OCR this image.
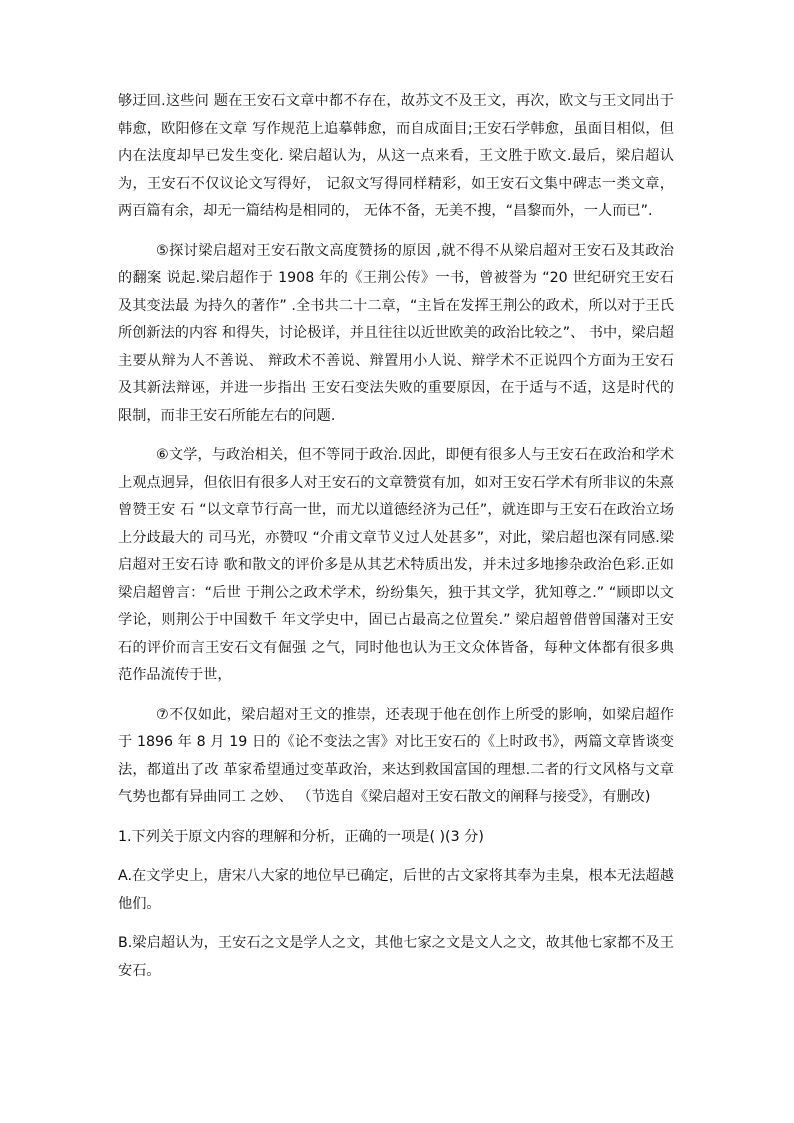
够迂回.这些问 题在王安石文章中都不存在，故苏文不及王文，再次，欧文与王文同出于韩愈，欧阳修在文章 写作规范上追摹韩愈，而自成面目;王安石学韩愈，虽面目相似，但内在法度却早已发生变化. 梁启超认为，从这一点来看，王文胜于欧文.最后，梁启超认为，王安石不仅议论文写得好， 记叙文写得同样精彩，如王安石文集中碑志一类文章，两百篇有余，却无一篇结构是相同的， 无体不备，无美不搜，“昌黎而外，一人而已”.

⑤探讨梁启超对王安石散文高度赞扬的原因 ,就不得不从梁启超对王安石及其政治的翻案 说起.梁启超作于 1908 年的《王荆公传》一书，曾被誉为 “20 世纪研究王安石及其变法最 为持久的著作” .全书共二十二章，“主旨在发挥王荆公的政术，所以对于王氏所创新法的内容 和得失，讨论极详，并且往往以近世欧美的政治比较之”、 书中，梁启超主要从辩为人不善说、 辩政术不善说、辩置用小人说、辩学术不正说四个方面为王安石及其新法辩诬，并进一步指出 王安石变法失败的重要原因，在于适与不适，这是时代的限制，而非王安石所能左右的问题.

⑥文学，与政治相关，但不等同于政治.因此，即便有很多人与王安石在政治和学术上观点迥异，但依旧有很多人对王安石的文章赞赏有加，如对王安石学术有所非议的朱熹曾赞王安 石 “以文章节行高一世，而尤以道德经济为己任”，就连即与王安石在政治立场上分歧最大的 司马光，亦赞叹 “介甫文章节义过人处甚多”，对此，梁启超也深有同感.梁启超对王安石诗 歌和散文的评价多是从其艺术特质出发，并未过多地掺杂政治色彩.正如梁启超曾言：“后世 于荆公之政术学术，纷纷集矢，独于其文学，犹知尊之.” “顾即以文学论，则荆公于中国数千 年文学史中，固已占最高之位置矣.” 梁启超曾借曾国藩对王安石的评价而言王安石文有倔强 之气，同时他也认为王文众体皆备，每种文体都有很多典范作品流传于世，

⑦不仅如此，梁启超对王文的推崇，还表现于他在创作上所受的影响，如梁启超作于 1896 年 8 月 19 日的《论不变法之害》对比王安石的《上时政书》，两篇文章皆谈变法，都道出了改 革家希望通过变革政治，来达到救国富国的理想.二者的行文风格与文章气势也都有异曲同工 之妙、 （节选自《梁启超对王安石散文的阐释与接受》，有删改)

1.下列关于原文内容的理解和分析，正确的一项是( )(3 分)

A.在文学史上，唐宋八大家的地位早已确定，后世的古文家将其奉为圭臬，根本无法超越他们。

B.梁启超认为，王安石之文是学人之文，其他七家之文是文人之文，故其他七家都不及王安石。
